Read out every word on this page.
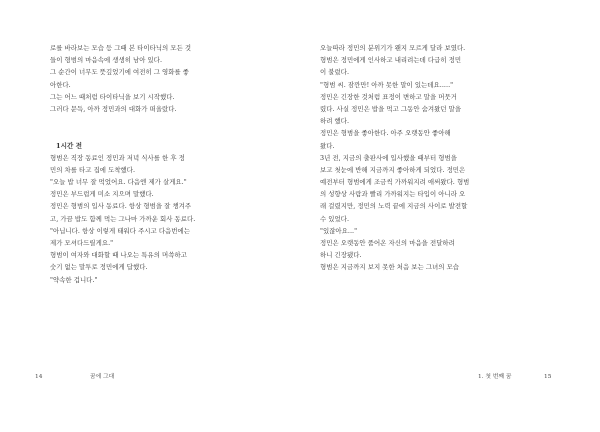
로를 바라보는 모습 등 그때 본 타이타닉의 모든 것
들이 형범의 마음속에 생생히 남아 있다.
그 순간이 너무도 뜻깊었기에 여전히 그 영화를 좋
아한다.
그는 어느 때처럼 타이타닉을 보기 시작했다.
그러다 문득, 아까 정민과의 대화가 떠올랐다.
1시간 전
형범은 직장 동료인 정민과 저녁 식사를 한 후 정
민의 차를 타고 집에 도착했다.
"오늘 밥 너무 잘 먹었어요. 다음엔 제가 살게요."
정민은 부드럽게 미소 지으며 말했다.
정민은 형범의 입사 동료다. 항상 형범을 잘 챙겨주
고, 가끔 밥도 함께 먹는 그나마 가까운 회사 동료다.
"아닙니다. 항상 이렇게 태워다 주시고 다음번에는
제가 모셔다드릴게요."
형범이 여자와 대화할 때 나오는 특유의 머쓱하고
숫기 없는 말투로 정민에게 답했다.
"약속한 겁니다."
14	꿈에 그대
오늘따라 정민의 분위기가 왠지 모르게 달라 보였다.
형범은 정민에게 인사하고 내리려는데 다급히 정민
이 불렀다.
"형범 씨. 잠깐만! 아까 못한 말이 있는데요....."
정민은 긴장한 것처럼 표정이 변하고 말을 머뭇거
렸다. 사실 정민은 밥을 먹고 그동안 숨겨왔던 말을
하려 했다.
정민은 형범을 좋아한다. 아주 오랫동안 좋아해
왔다.
3년 전, 지금의 출판사에 입사했을 때부터 형범을
보고 첫눈에 반해 지금까지 좋아하게 되었다. 정민은
예전부터 형범에게 조금씩 가까워지려 애써왔다. 형범
의 성향상 사람과 빨리 가까워지는 타입이 아니라 오
래 걸렸지만, 정민의 노력 끝에 지금의 사이로 발전할
수 있었다.
"있잖아요..."
정민은 오랫동안 품어온 자신의 마음을 전달하려
하니 긴장됐다.
형범은 지금까지 보지 못한 처음 보는 그녀의 모습
1. 첫 번째 꿈	15
